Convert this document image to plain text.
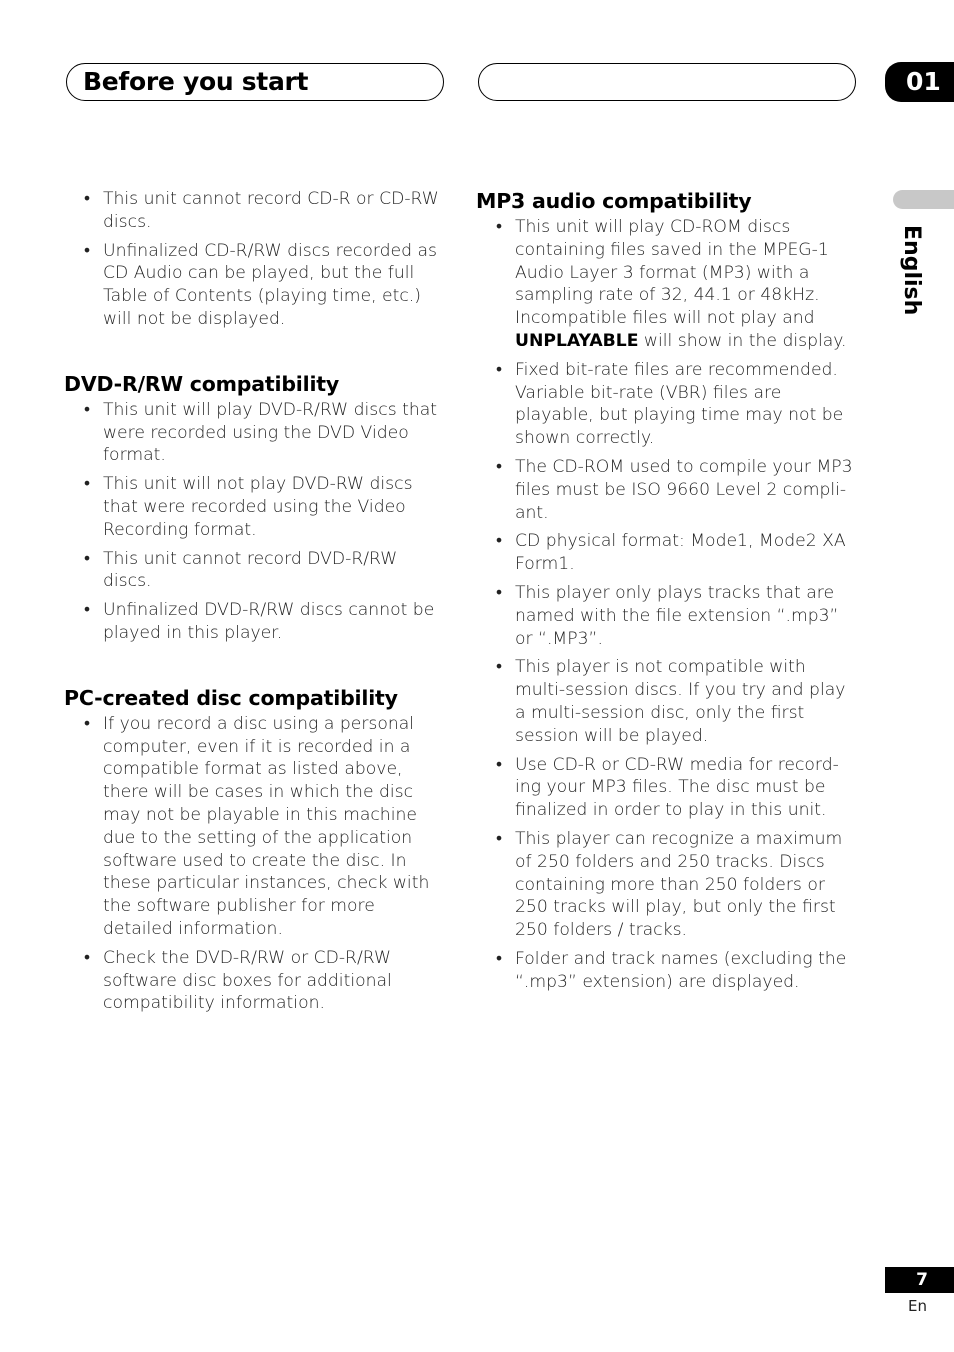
Before you start	01
English
• This unit cannot record CD-R or CD-RW discs.
• Unfinalized CD-R/RW discs recorded as CD Audio can be played, but the full Table of Contents (playing time, etc.) will not be displayed.
DVD-R/RW compatibility
• This unit will play DVD-R/RW discs that were recorded using the DVD Video format.
• This unit will not play DVD-RW discs that were recorded using the Video Recording format.
• This unit cannot record DVD-R/RW discs.
• Unfinalized DVD-R/RW discs cannot be played in this player.
PC-created disc compatibility
• If you record a disc using a personal computer, even if it is recorded in a compatible format as listed above, there will be cases in which the disc may not be playable in this machine due to the setting of the application software used to create the disc. In these particular instances, check with the software publisher for more detailed information.
• Check the DVD-R/RW or CD-R/RW software disc boxes for additional compatibility information.
MP3 audio compatibility
• This unit will play CD-ROM discs containing files saved in the MPEG-1 Audio Layer 3 format (MP3) with a sampling rate of 32, 44.1 or 48kHz. Incompatible files will not play and UNPLAYABLE will show in the display.
• Fixed bit-rate files are recommended. Variable bit-rate (VBR) files are playable, but playing time may not be shown correctly.
• The CD-ROM used to compile your MP3 files must be ISO 9660 Level 2 compli-ant.
• CD physical format: Mode1, Mode2 XA Form1.
• This player only plays tracks that are named with the file extension “.mp3” or “.MP3”.
• This player is not compatible with multi-session discs. If you try and play a multi-session disc, only the first session will be played.
• Use CD-R or CD-RW media for record-ing your MP3 files. The disc must be finalized in order to play in this unit.
• This player can recognize a maximum of 250 folders and 250 tracks. Discs containing more than 250 folders or 250 tracks will play, but only the first 250 folders / tracks.
• Folder and track names (excluding the “.mp3” extension) are displayed.
7
En
